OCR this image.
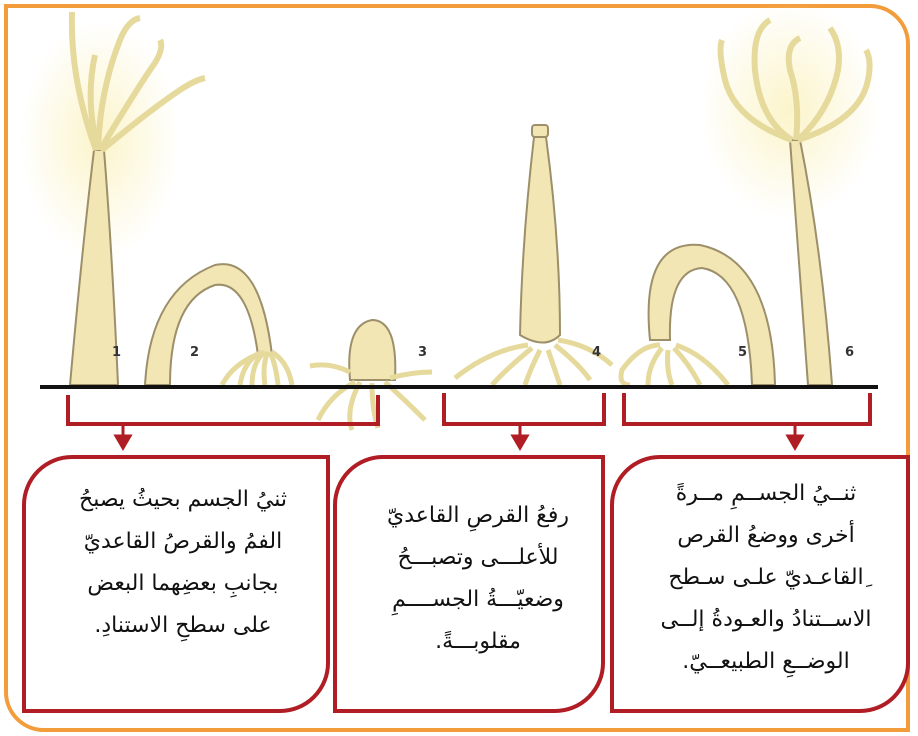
1	2	3	4	5	6
ثنيُ الجسم بحيثُ يصبحُ
الفمُ والقرصُ القاعديّ
بجانبِ بعضِهما البعض
على سطحِ الاستنادِ.
رفعُ القرصِ القاعديّ
للأعلـــى وتصبـــحُ
وضعيّـــةُ الجســــمِ
مقلوبـــةً.
ثنــيُ الجســمِ مــرةً
أخرى ووضعُ القرص
ِالقاعـديّ علـى سـطح
الاســتنادُ والعـودةُ إلــى
الوضــعِ الطبيعــيّ.
